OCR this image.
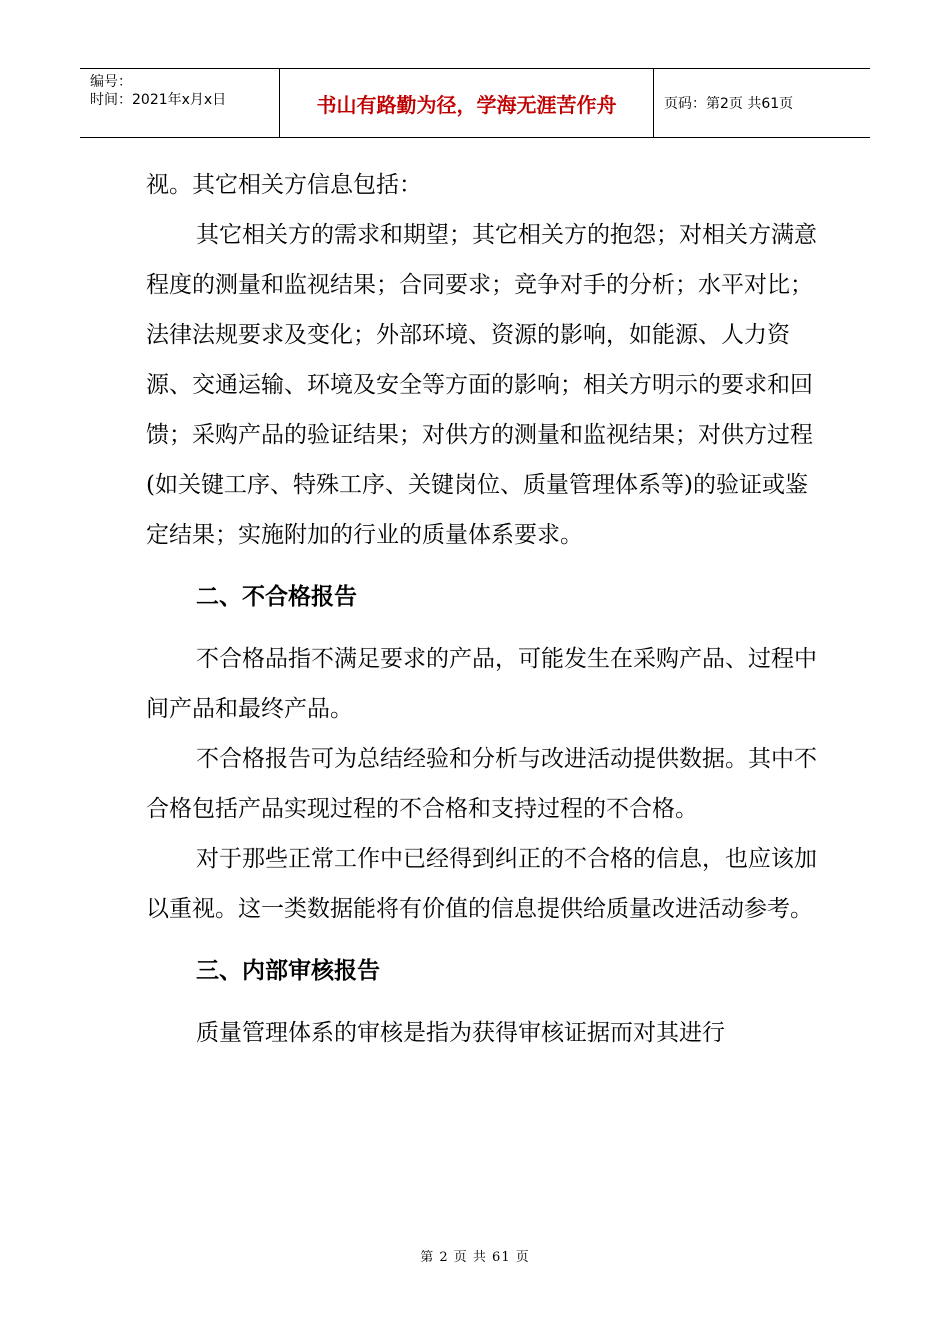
编号：
时间：2021年x月x日	书山有路勤为径，学海无涯苦作舟	页码：第2页 共61页

视。其它相关方信息包括：

其它相关方的需求和期望；其它相关方的抱怨；对相关方满意程度的测量和监视结果；合同要求；竞争对手的分析；水平对比；法律法规要求及变化；外部环境、资源的影响，如能源、人力资源、交通运输、环境及安全等方面的影响；相关方明示的要求和回馈；采购产品的验证结果；对供方的测量和监视结果；对供方过程(如关键工序、特殊工序、关键岗位、质量管理体系等)的验证或鉴定结果；实施附加的行业的质量体系要求。

二、不合格报告

不合格品指不满足要求的产品，可能发生在采购产品、过程中间产品和最终产品。

不合格报告可为总结经验和分析与改进活动提供数据。其中不合格包括产品实现过程的不合格和支持过程的不合格。

对于那些正常工作中已经得到纠正的不合格的信息，也应该加以重视。这一类数据能将有价值的信息提供给质量改进活动参考。

三、内部审核报告

质量管理体系的审核是指为获得审核证据而对其进行

第 2 页 共 61 页
